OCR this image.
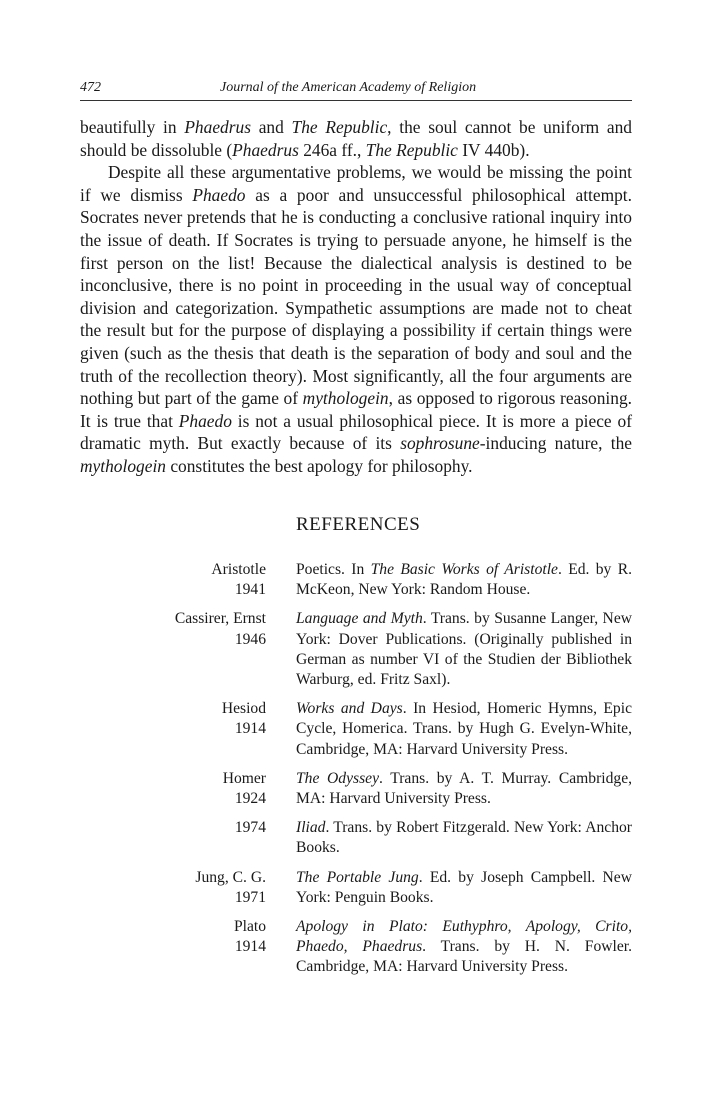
472	Journal of the American Academy of Religion

beautifully in Phaedrus and The Republic, the soul cannot be uniform and should be dissoluble (Phaedrus 246a ff., The Republic IV 440b).

Despite all these argumentative problems, we would be missing the point if we dismiss Phaedo as a poor and unsuccessful philosophical attempt. Socrates never pretends that he is conducting a conclusive rational inquiry into the issue of death. If Socrates is trying to persuade anyone, he himself is the first person on the list! Because the dialectical analysis is destined to be inconclusive, there is no point in proceeding in the usual way of conceptual division and categorization. Sympathetic assumptions are made not to cheat the result but for the purpose of displaying a possibility if certain things were given (such as the thesis that death is the separation of body and soul and the truth of the recollection theory). Most significantly, all the four arguments are nothing but part of the game of mythologein, as opposed to rigorous reasoning. It is true that Phaedo is not a usual philosophical piece. It is more a piece of dramatic myth. But exactly because of its sophrosune-inducing nature, the mythologein constitutes the best apology for philosophy.

REFERENCES
Aristotle
1941
Poetics. In The Basic Works of Aristotle. Ed. by R. McKeon, New York: Random House.
Cassirer, Ernst
1946
Language and Myth. Trans. by Susanne Langer, New York: Dover Publications. (Originally published in German as number VI of the Studien der Bibliothek Warburg, ed. Fritz Saxl).
Hesiod
1914
Works and Days. In Hesiod, Homeric Hymns, Epic Cycle, Homerica. Trans. by Hugh G. Evelyn-White, Cambridge, MA: Harvard University Press.
Homer
1924
The Odyssey. Trans. by A. T. Murray. Cambridge, MA: Harvard University Press.
1974 Iliad. Trans. by Robert Fitzgerald. New York: Anchor Books.
Jung, C. G.
1971
The Portable Jung. Ed. by Joseph Campbell. New York: Penguin Books.
Plato
1914
Apology in Plato: Euthyphro, Apology, Crito, Phaedo, Phaedrus. Trans. by H. N. Fowler. Cambridge, MA: Harvard University Press.
